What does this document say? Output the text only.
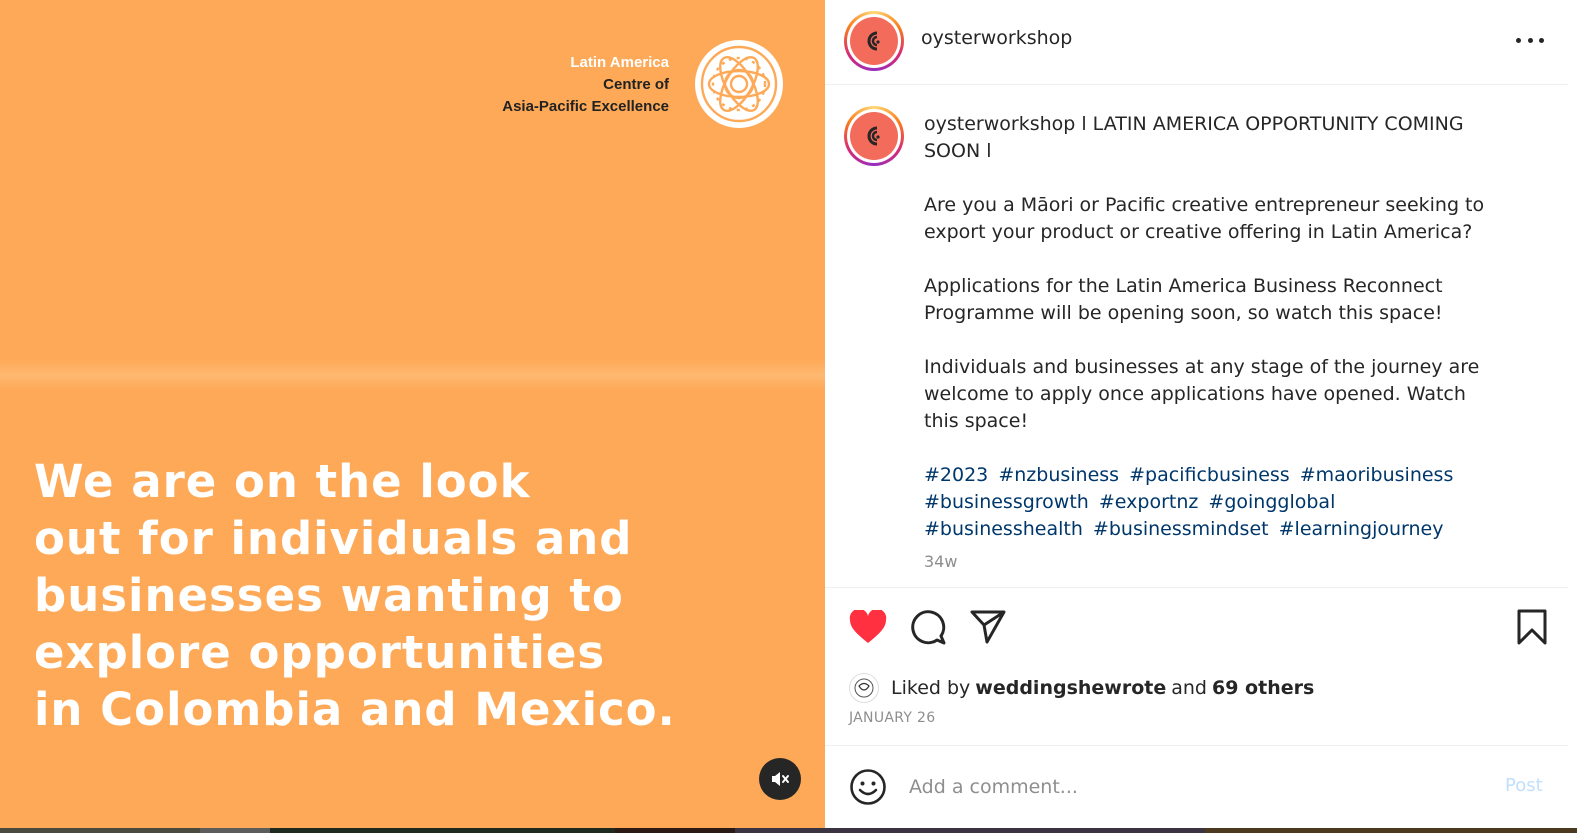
Latin America
Centre of
Asia-Pacific Excellence
We are on the look
out for individuals and
businesses wanting to
explore opportunities
in Colombia and Mexico.
oysterworkshop

oysterworkshop l LATIN AMERICA OPPORTUNITY COMING SOON l

Are you a Māori or Pacific creative entrepreneur seeking to export your product or creative offering in Latin America?

Applications for the Latin America Business Reconnect Programme will be opening soon, so watch this space!

Individuals and businesses at any stage of the journey are welcome to apply once applications have opened. Watch this space!

#2023 #nzbusiness #pacificbusiness #maoribusiness #businessgrowth #exportnz #goingglobal #businesshealth #businessmindset #learningjourney

34w
Liked by weddingshewrote and 69 others
JANUARY 26
Add a comment...
Post
